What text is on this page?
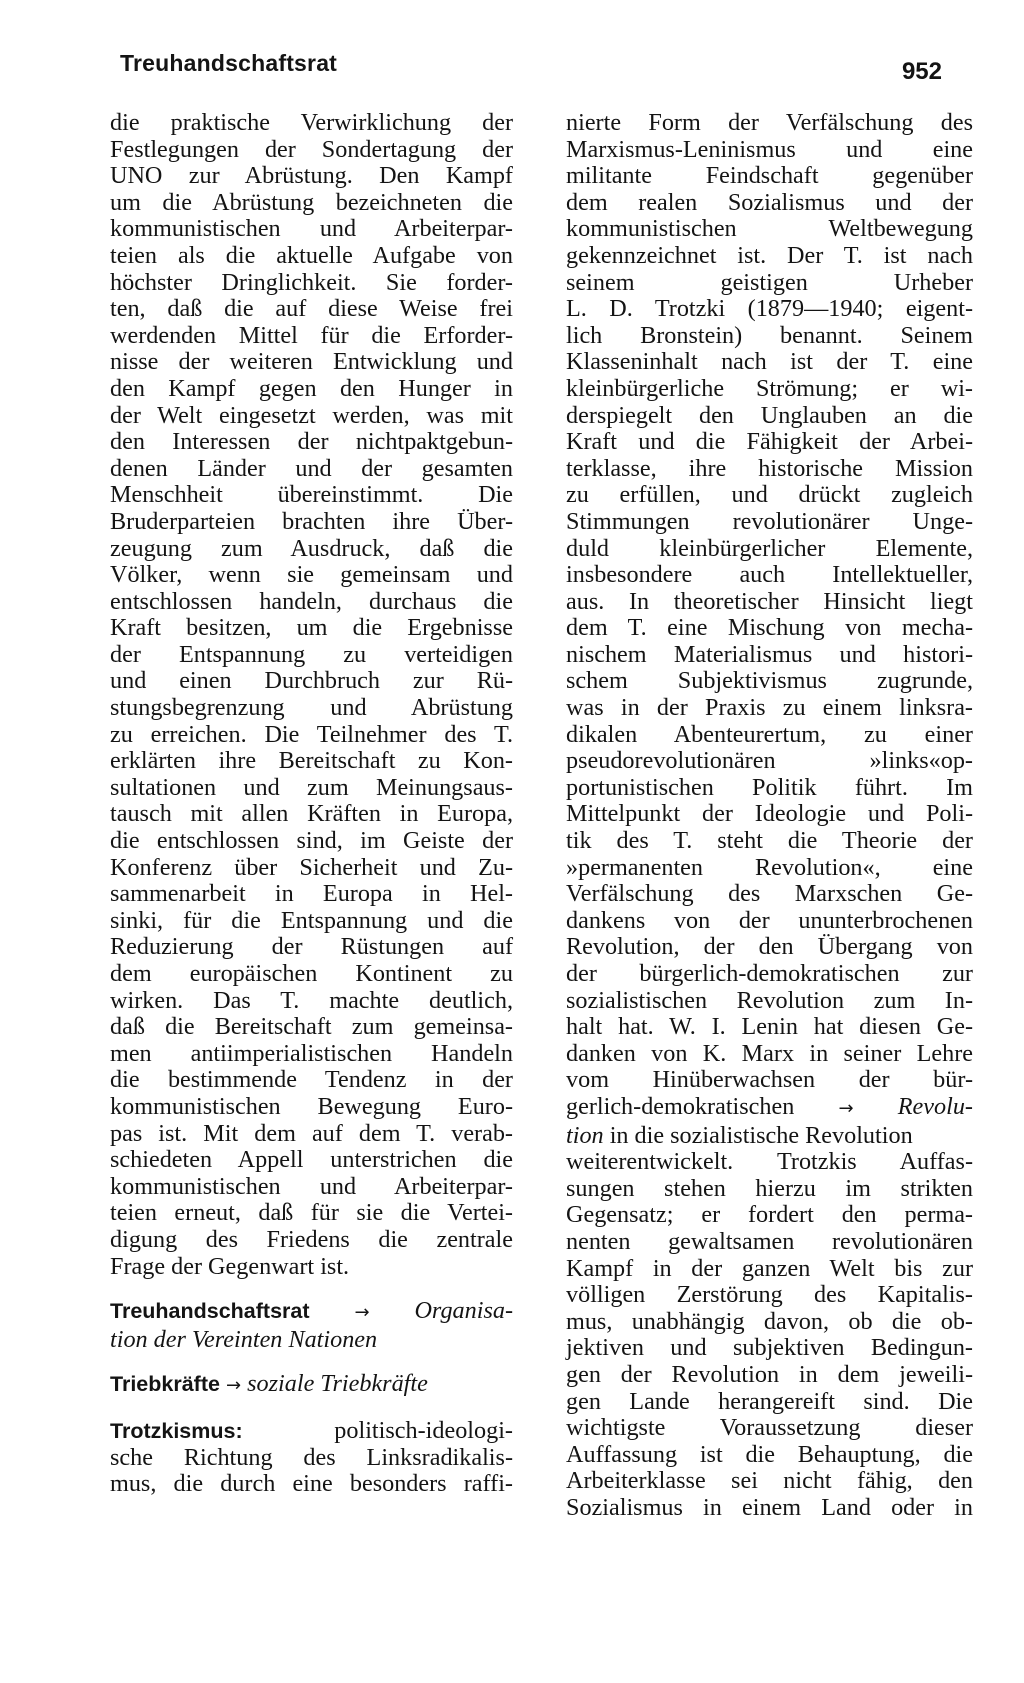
Treuhandschaftsrat	952
die praktische Verwirklichung der
Festlegungen der Sondertagung der
UNO zur Abrüstung. Den Kampf
um die Abrüstung bezeichneten die
kommunistischen und Arbeiterpar-
teien als die aktuelle Aufgabe von
höchster Dringlichkeit. Sie forder-
ten, daß die auf diese Weise frei
werdenden Mittel für die Erforder-
nisse der weiteren Entwicklung und
den Kampf gegen den Hunger in
der Welt eingesetzt werden, was mit
den Interessen der nichtpaktgebun-
denen Länder und der gesamten
Menschheit übereinstimmt. Die
Bruderparteien brachten ihre Über-
zeugung zum Ausdruck, daß die
Völker, wenn sie gemeinsam und
entschlossen handeln, durchaus die
Kraft besitzen, um die Ergebnisse
der Entspannung zu verteidigen
und einen Durchbruch zur Rü-
stungsbegrenzung und Abrüstung
zu erreichen. Die Teilnehmer des T.
erklärten ihre Bereitschaft zu Kon-
sultationen und zum Meinungsaus-
tausch mit allen Kräften in Europa,
die entschlossen sind, im Geiste der
Konferenz über Sicherheit und Zu-
sammenarbeit in Europa in Hel-
sinki, für die Entspannung und die
Reduzierung der Rüstungen auf
dem europäischen Kontinent zu
wirken. Das T. machte deutlich,
daß die Bereitschaft zum gemeinsa-
men antiimperialistischen Handeln
die bestimmende Tendenz in der
kommunistischen Bewegung Euro-
pas ist. Mit dem auf dem T. verab-
schiedeten Appell unterstrichen die
kommunistischen und Arbeiterpar-
teien erneut, daß für sie die Vertei-
digung des Friedens die zentrale
Frage der Gegenwart ist.
Treuhandschaftsrat → Organisa-
tion der Vereinten Nationen
Triebkräfte → soziale Triebkräfte
Trotzkismus:	politisch-ideologi-
sche Richtung des Linksradikalis-
mus, die durch eine besonders raffi-
nierte Form der Verfälschung des
Marxismus-Leninismus und eine
militante Feindschaft gegenüber
dem realen Sozialismus und der
kommunistischen Weltbewegung
gekennzeichnet ist. Der T. ist nach
seinem geistigen Urheber
L. D. Trotzki (1879—1940; eigent-
lich Bronstein) benannt. Seinem
Klasseninhalt nach ist der T. eine
kleinbürgerliche Strömung; er wi-
derspiegelt den Unglauben an die
Kraft und die Fähigkeit der Arbei-
terklasse, ihre historische Mission
zu erfüllen, und drückt zugleich
Stimmungen revolutionärer Unge-
duld kleinbürgerlicher Elemente,
insbesondere auch Intellektueller,
aus. In theoretischer Hinsicht liegt
dem T. eine Mischung von mecha-
nischem Materialismus und histori-
schem Subjektivismus zugrunde,
was in der Praxis zu einem linksra-
dikalen Abenteurertum, zu einer
pseudorevolutionären »links«op-
portunistischen Politik führt. Im
Mittelpunkt der Ideologie und Poli-
tik des T. steht die Theorie der
»permanenten Revolution«, eine
Verfälschung des Marxschen Ge-
dankens von der ununterbrochenen
Revolution, der den Übergang von
der bürgerlich-demokratischen zur
sozialistischen Revolution zum In-
halt hat. W. I. Lenin hat diesen Ge-
danken von K. Marx in seiner Lehre
vom Hinüberwachsen der bür-
gerlich-demokratischen → Revolu-
tion in die sozialistische Revolution
weiterentwickelt. Trotzkis Auffas-
sungen stehen hierzu im strikten
Gegensatz; er fordert den perma-
nenten gewaltsamen revolutionären
Kampf in der ganzen Welt bis zur
völligen Zerstörung des Kapitalis-
mus, unabhängig davon, ob die ob-
jektiven und subjektiven Bedingun-
gen der Revolution in dem jeweili-
gen Lande herangereift sind. Die
wichtigste Voraussetzung dieser
Auffassung ist die Behauptung, die
Arbeiterklasse sei nicht fähig, den
Sozialismus in einem Land oder in
